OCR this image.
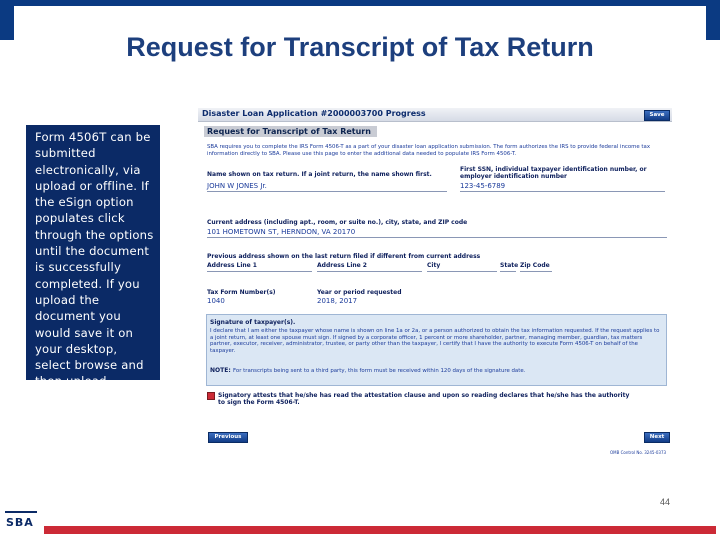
Request for Transcript of Tax Return
Form 4506T can be submitted electronically, via upload or offline. If the eSign option populates click through the options until the document is successfully completed. If you upload the document you would save it on your desktop, select browse and then upload.
Disaster Loan Application #2000003700 Progress	Save
Request for Transcript of Tax Return
SBA requires you to complete the IRS Form 4506-T as a part of your disaster loan application submission. The form authorizes the IRS to provide federal income tax information directly to SBA. Please use this page to enter the additional data needed to populate IRS Form 4506-T.
Name shown on tax return. If a joint return, the name shown first.
JOHN W JONES Jr.
First SSN, individual taxpayer identification number, or employer identification number
123-45-6789
Current address (including apt., room, or suite no.), city, state, and ZIP code
101 HOMETOWN ST, HERNDON, VA 20170
Previous address shown on the last return filed if different from current address
Address Line 1	Address Line 2	City	State Zip Code
Tax Form Number(s)
1040
Year or period requested
2018, 2017
Signature of taxpayer(s).
I declare that I am either the taxpayer whose name is shown on line 1a or 2a, or a person authorized to obtain the tax information requested. If the request applies to a joint return, at least one spouse must sign. If signed by a corporate officer, 1 percent or more shareholder, partner, managing member, guardian, tax matters partner, executor, receiver, administrator, trustee, or party other than the taxpayer, I certify that I have the authority to execute Form 4506-T on behalf of the taxpayer.
NOTE: For transcripts being sent to a third party, this form must be received within 120 days of the signature date.
Signatory attests that he/she has read the attestation clause and upon so reading declares that he/she has the authority to sign the Form 4506-T.
Previous	Next
OMB Control No. 3245-0373
44
SBA
